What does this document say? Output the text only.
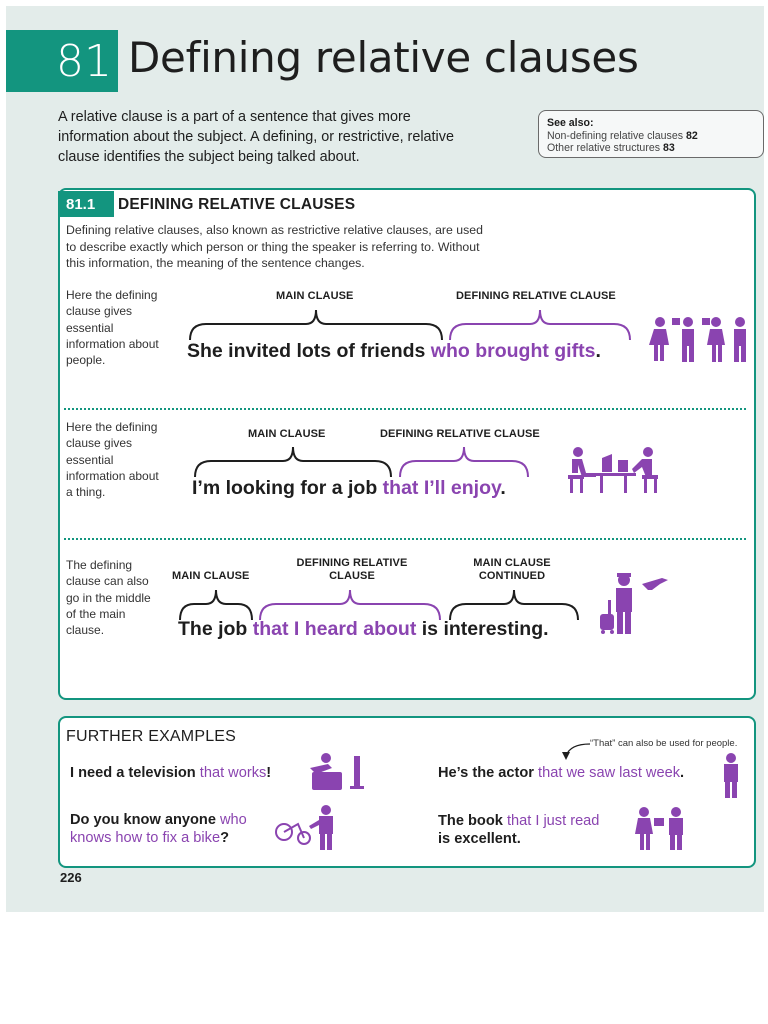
81 Defining relative clauses
A relative clause is a part of a sentence that gives more information about the subject. A defining, or restrictive, relative clause identifies the subject being talked about.
See also:
Non-defining relative clauses 82
Other relative structures 83
81.1 DEFINING RELATIVE CLAUSES
Defining relative clauses, also known as restrictive relative clauses, are used to describe exactly which person or thing the speaker is referring to. Without this information, the meaning of the sentence changes.
Here the defining clause gives essential information about people.
MAIN CLAUSE	DEFINING RELATIVE CLAUSE
She invited lots of friends who brought gifts.
Here the defining clause gives essential information about a thing.
MAIN CLAUSE	DEFINING RELATIVE CLAUSE
I’m looking for a job that I’ll enjoy.
The defining clause can also go in the middle of the main clause.
MAIN CLAUSE
DEFINING RELATIVE CLAUSE
MAIN CLAUSE CONTINUED
The job that I heard about is interesting.
FURTHER EXAMPLES	“That” can also be used for people.
I need a television that works!	He’s the actor that we saw last week.
Do you know anyone who
knows how to fix a bike?
The book that I just read
is excellent.
226
